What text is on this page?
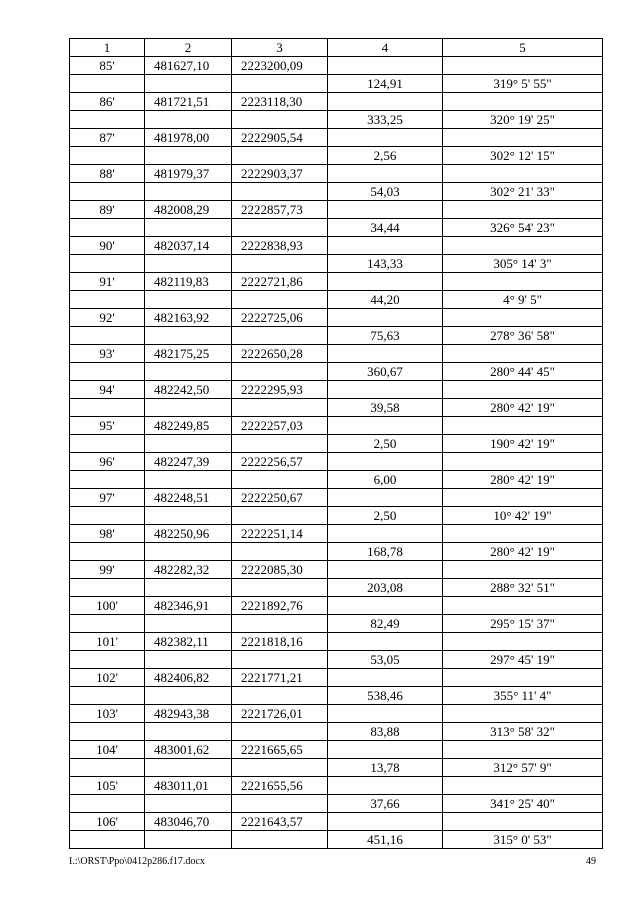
1	2	3	4	5
85'	481627,10	2223200,09		
			124,91	319° 5' 55"
86'	481721,51	2223118,30		
			333,25	320° 19' 25"
87'	481978,00	2222905,54		
			2,56	302° 12' 15"
88'	481979,37	2222903,37		
			54,03	302° 21' 33"
89'	482008,29	2222857,73		
			34,44	326° 54' 23"
90'	482037,14	2222838,93		
			143,33	305° 14' 3"
91'	482119,83	2222721,86		
			44,20	4° 9' 5"
92'	482163,92	2222725,06		
			75,63	278° 36' 58"
93'	482175,25	2222650,28		
			360,67	280° 44' 45"
94'	482242,50	2222295,93		
			39,58	280° 42' 19"
95'	482249,85	2222257,03		
			2,50	190° 42' 19"
96'	482247,39	2222256,57		
			6,00	280° 42' 19"
97'	482248,51	2222250,67		
			2,50	10° 42' 19"
98'	482250,96	2222251,14		
			168,78	280° 42' 19"
99'	482282,32	2222085,30		
			203,08	288° 32' 51"
100'	482346,91	2221892,76		
			82,49	295° 15' 37"
101'	482382,11	2221818,16		
			53,05	297° 45' 19"
102'	482406,82	2221771,21		
			538,46	355° 11' 4"
103'	482943,38	2221726,01		
			83,88	313° 58' 32"
104'	483001,62	2221665,65		
			13,78	312° 57' 9"
105'	483011,01	2221655,56		
			37,66	341° 25' 40"
106'	483046,70	2221643,57		
			451,16	315° 0' 53"
I.:\ORST\Ppo\0412p286.f17.docx	49
